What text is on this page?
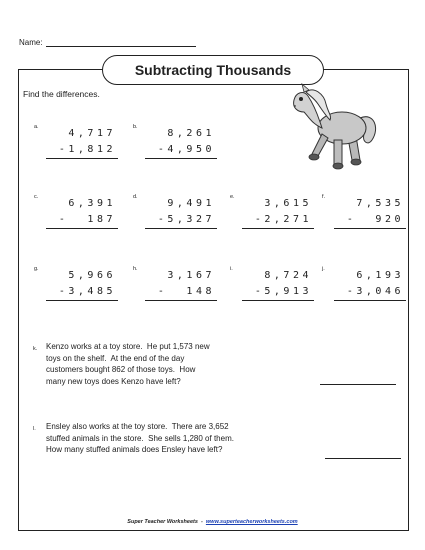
Name:
Subtracting Thousands
Find the differences.
a.
4,717
-1,812
b.
8,261
-4,950
c.
6,391
-  187
d.
9,491
-5,327
e.
3,615
-2,271
f.
7,535
-  920
g.
5,966
-3,485
h.
3,167
-  148
i.
8,724
-5,913
j.
6,193
-3,046
k. Kenzo works at a toy store.  He put 1,573 new
toys on the shelf.  At the end of the day
customers bought 862 of those toys.  How
many new toys does Kenzo have left?
l. Ensley also works at the toy store.  There are 3,652
stuffed animals in the store.  She sells 1,280 of them.
How many stuffed animals does Ensley have left?
Super Teacher Worksheets - www.superteacherworksheets.com
